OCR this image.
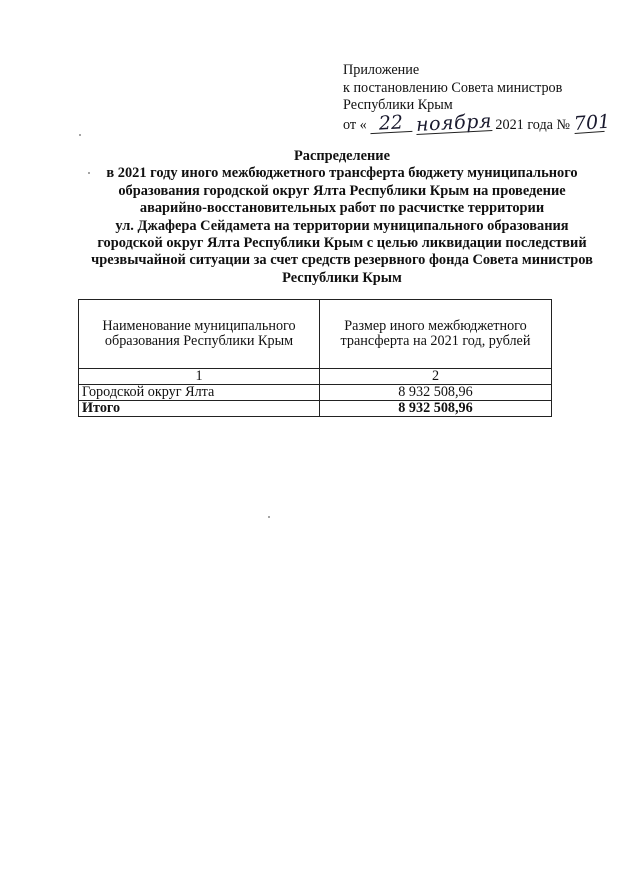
Приложение
к постановлению Совета министров
Республики Крым
от « 22 ноября 2021 года № 701
Распределение
в 2021 году иного межбюджетного трансферта бюджету муниципального
образования городской округ Ялта Республики Крым на проведение
аварийно-восстановительных работ по расчистке территории
ул. Джафера Сейдамета на территории муниципального образования
городской округ Ялта Республики Крым с целью ликвидации последствий
чрезвычайной ситуации за счет средств резервного фонда Совета министров
Республики Крым
Наименование муниципального образования Республики Крым	Размер иного межбюджетного трансферта на 2021 год, рублей
1	2
Городской округ Ялта	8 932 508,96
Итого	8 932 508,96
